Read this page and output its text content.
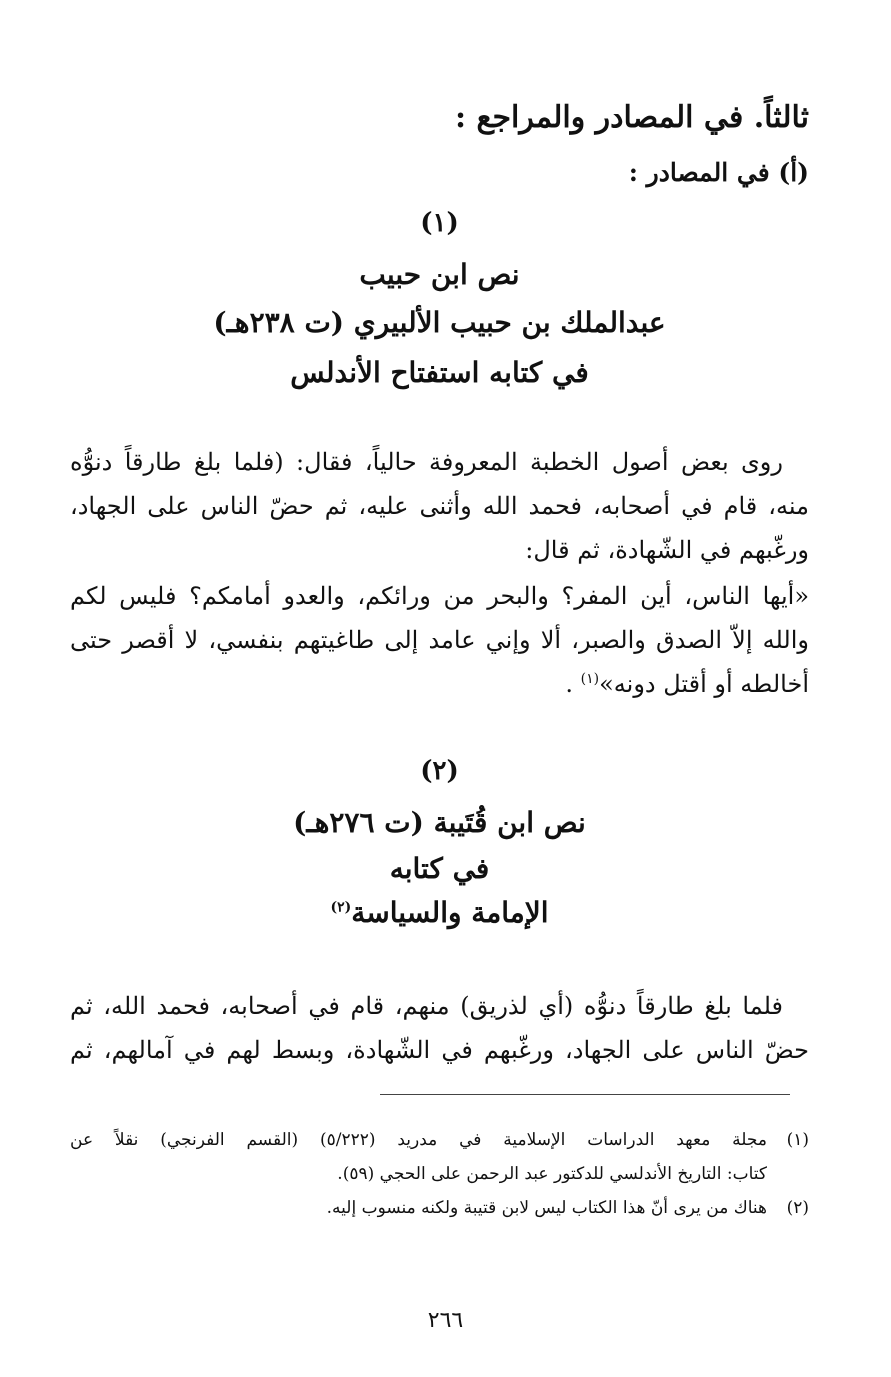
ثالثاً. في المصادر والمراجع :
(أ) في المصادر :
(١)
نص ابن حبيب
عبدالملك بن حبيب الألبيري (ت ٢٣٨هـ)
في كتابه استفتاح الأندلس
روى بعض أصول الخطبة المعروفة حالياً، فقال: (فلما بلغ طارقاً دنوُّه
منه، قام في أصحابه، فحمد الله وأثنى عليه، ثم حضّ الناس على الجهاد،
ورغّبهم في الشّهادة، ثم قال:
«أيها الناس، أين المفر؟ والبحر من ورائكم، والعدو أمامكم؟ فليس لكم
والله إلاّ الصدق والصبر، ألا وإني عامد إلى طاغيتهم بنفسي، لا أقصر حتى
أخالطه أو أقتل دونه»$^{(١)}$ .
(٢)
نص ابن قُتَيبة (ت ٢٧٦هـ)
في كتابه
الإمامة والسياسة$^{(٢)}$
فلما بلغ طارقاً دنوُّه (أي لذريق) منهم، قام في أصحابه، فحمد الله، ثم
حضّ الناس على الجهاد، ورغّبهم في الشّهادة، وبسط لهم في آمالهم، ثم
(١)مجلة معهد الدراسات الإسلامية في مدريد (٥/٢٢٢) (القسم الفرنجي) نقلاً عن
كتاب: التاريخ الأندلسي للدكتور عبد الرحمن على الحجي (٥٩).
(٢)هناك من يرى أنّ هذا الكتاب ليس لابن قتيبة ولكنه منسوب إليه.
٢٦٦
